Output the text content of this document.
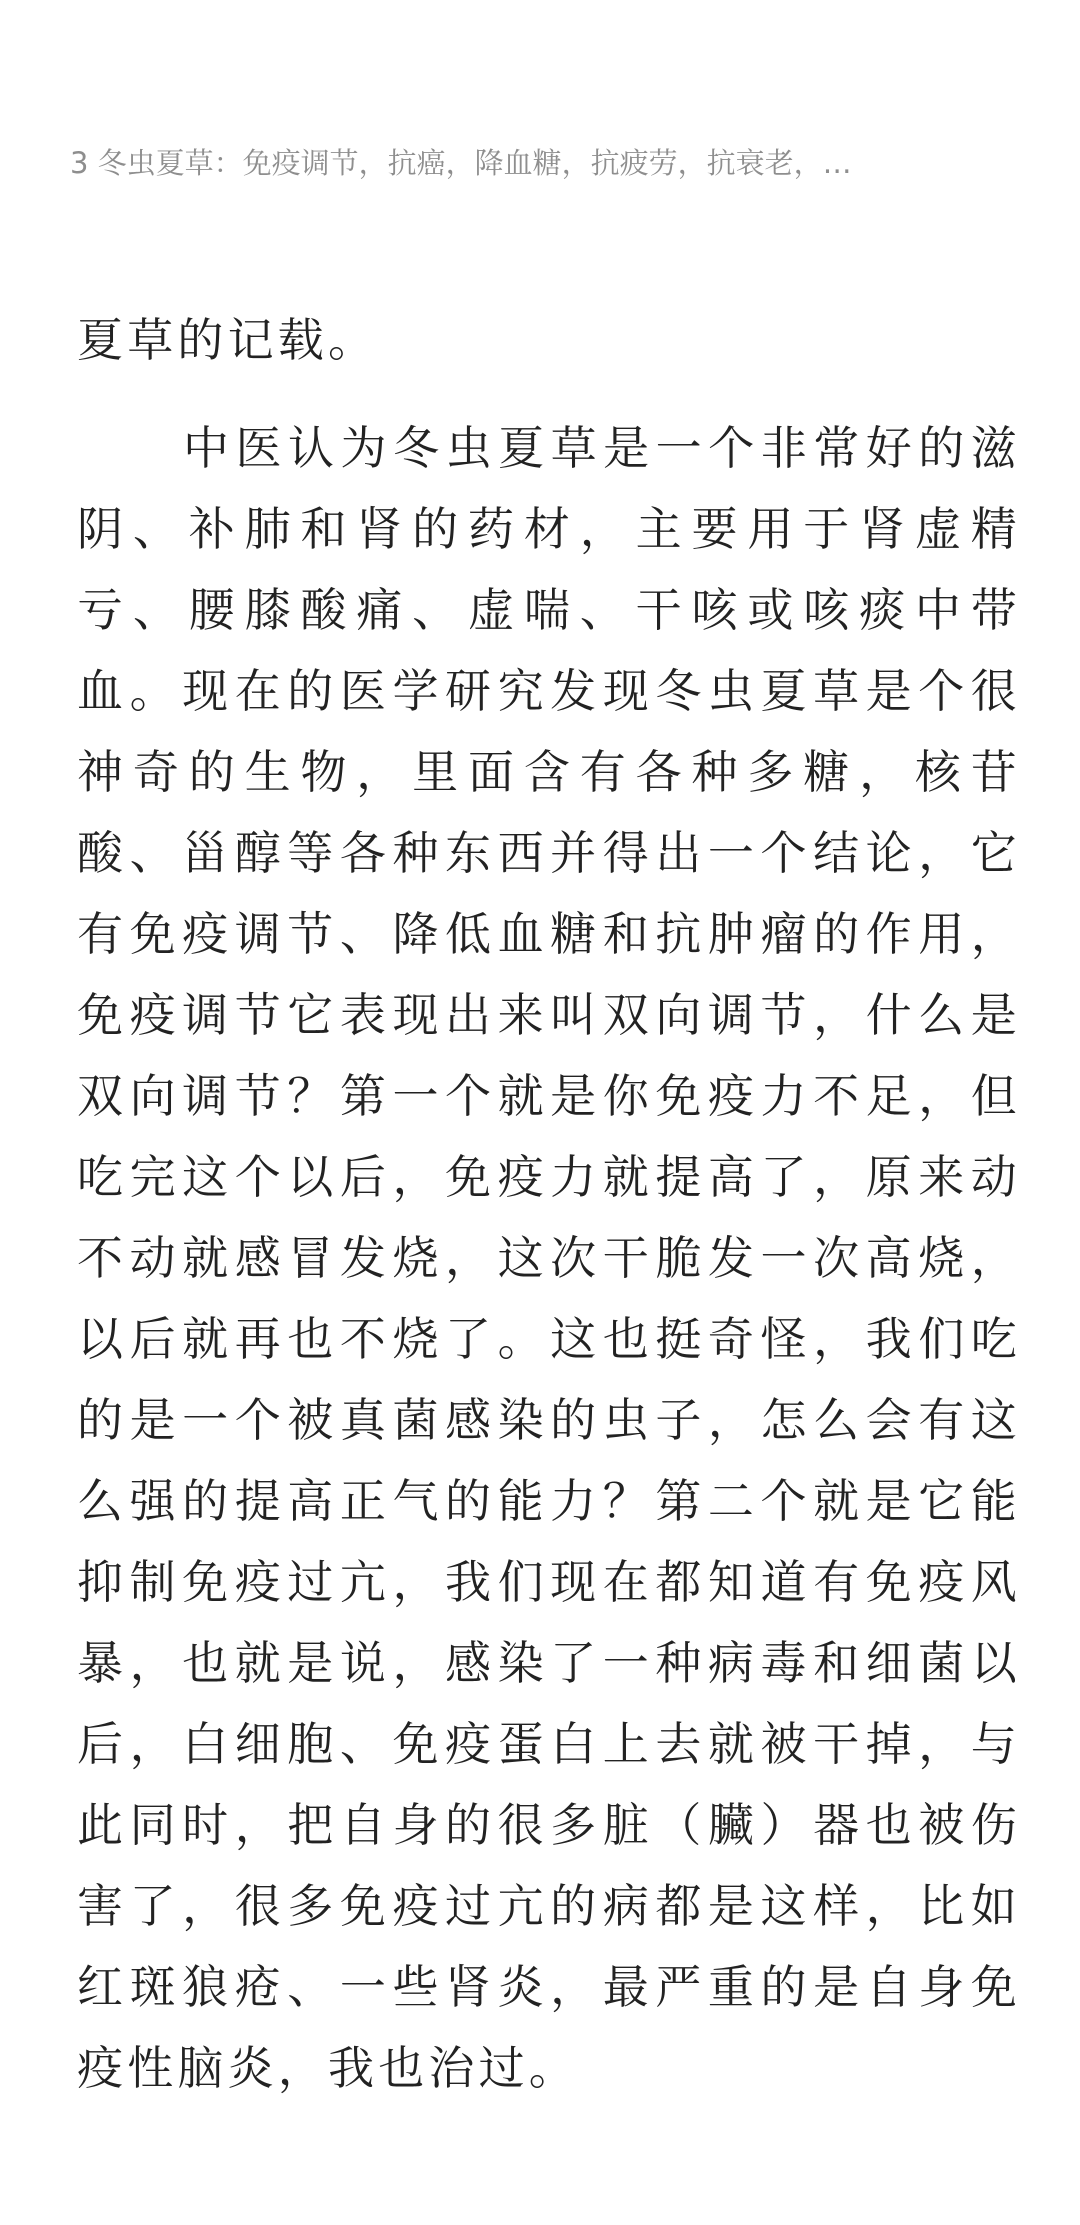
3 冬虫夏草：免疫调节，抗癌，降血糖，抗疲劳，抗衰老，…

夏草的记载。

中医认为冬虫夏草是一个非常好的滋阴、补肺和肾的药材，主要用于肾虚精亏、腰膝酸痛、虚喘、干咳或咳痰中带血。现在的医学研究发现冬虫夏草是个很神奇的生物，里面含有各种多糖，核苷酸、甾醇等各种东西并得出一个结论，它有免疫调节、降低血糖和抗肿瘤的作用，免疫调节它表现出来叫双向调节，什么是双向调节？第一个就是你免疫力不足，但吃完这个以后，免疫力就提高了，原来动不动就感冒发烧，这次干脆发一次高烧，以后就再也不烧了。这也挺奇怪，我们吃的是一个被真菌感染的虫子，怎么会有这么强的提高正气的能力？第二个就是它能抑制免疫过亢，我们现在都知道有免疫风暴，也就是说，感染了一种病毒和细菌以后，白细胞、免疫蛋白上去就被干掉，与此同时，把自身的很多脏（臟）器也被伤害了，很多免疫过亢的病都是这样，比如红斑狼疮、一些肾炎，最严重的是自身免疫性脑炎，我也治过。
